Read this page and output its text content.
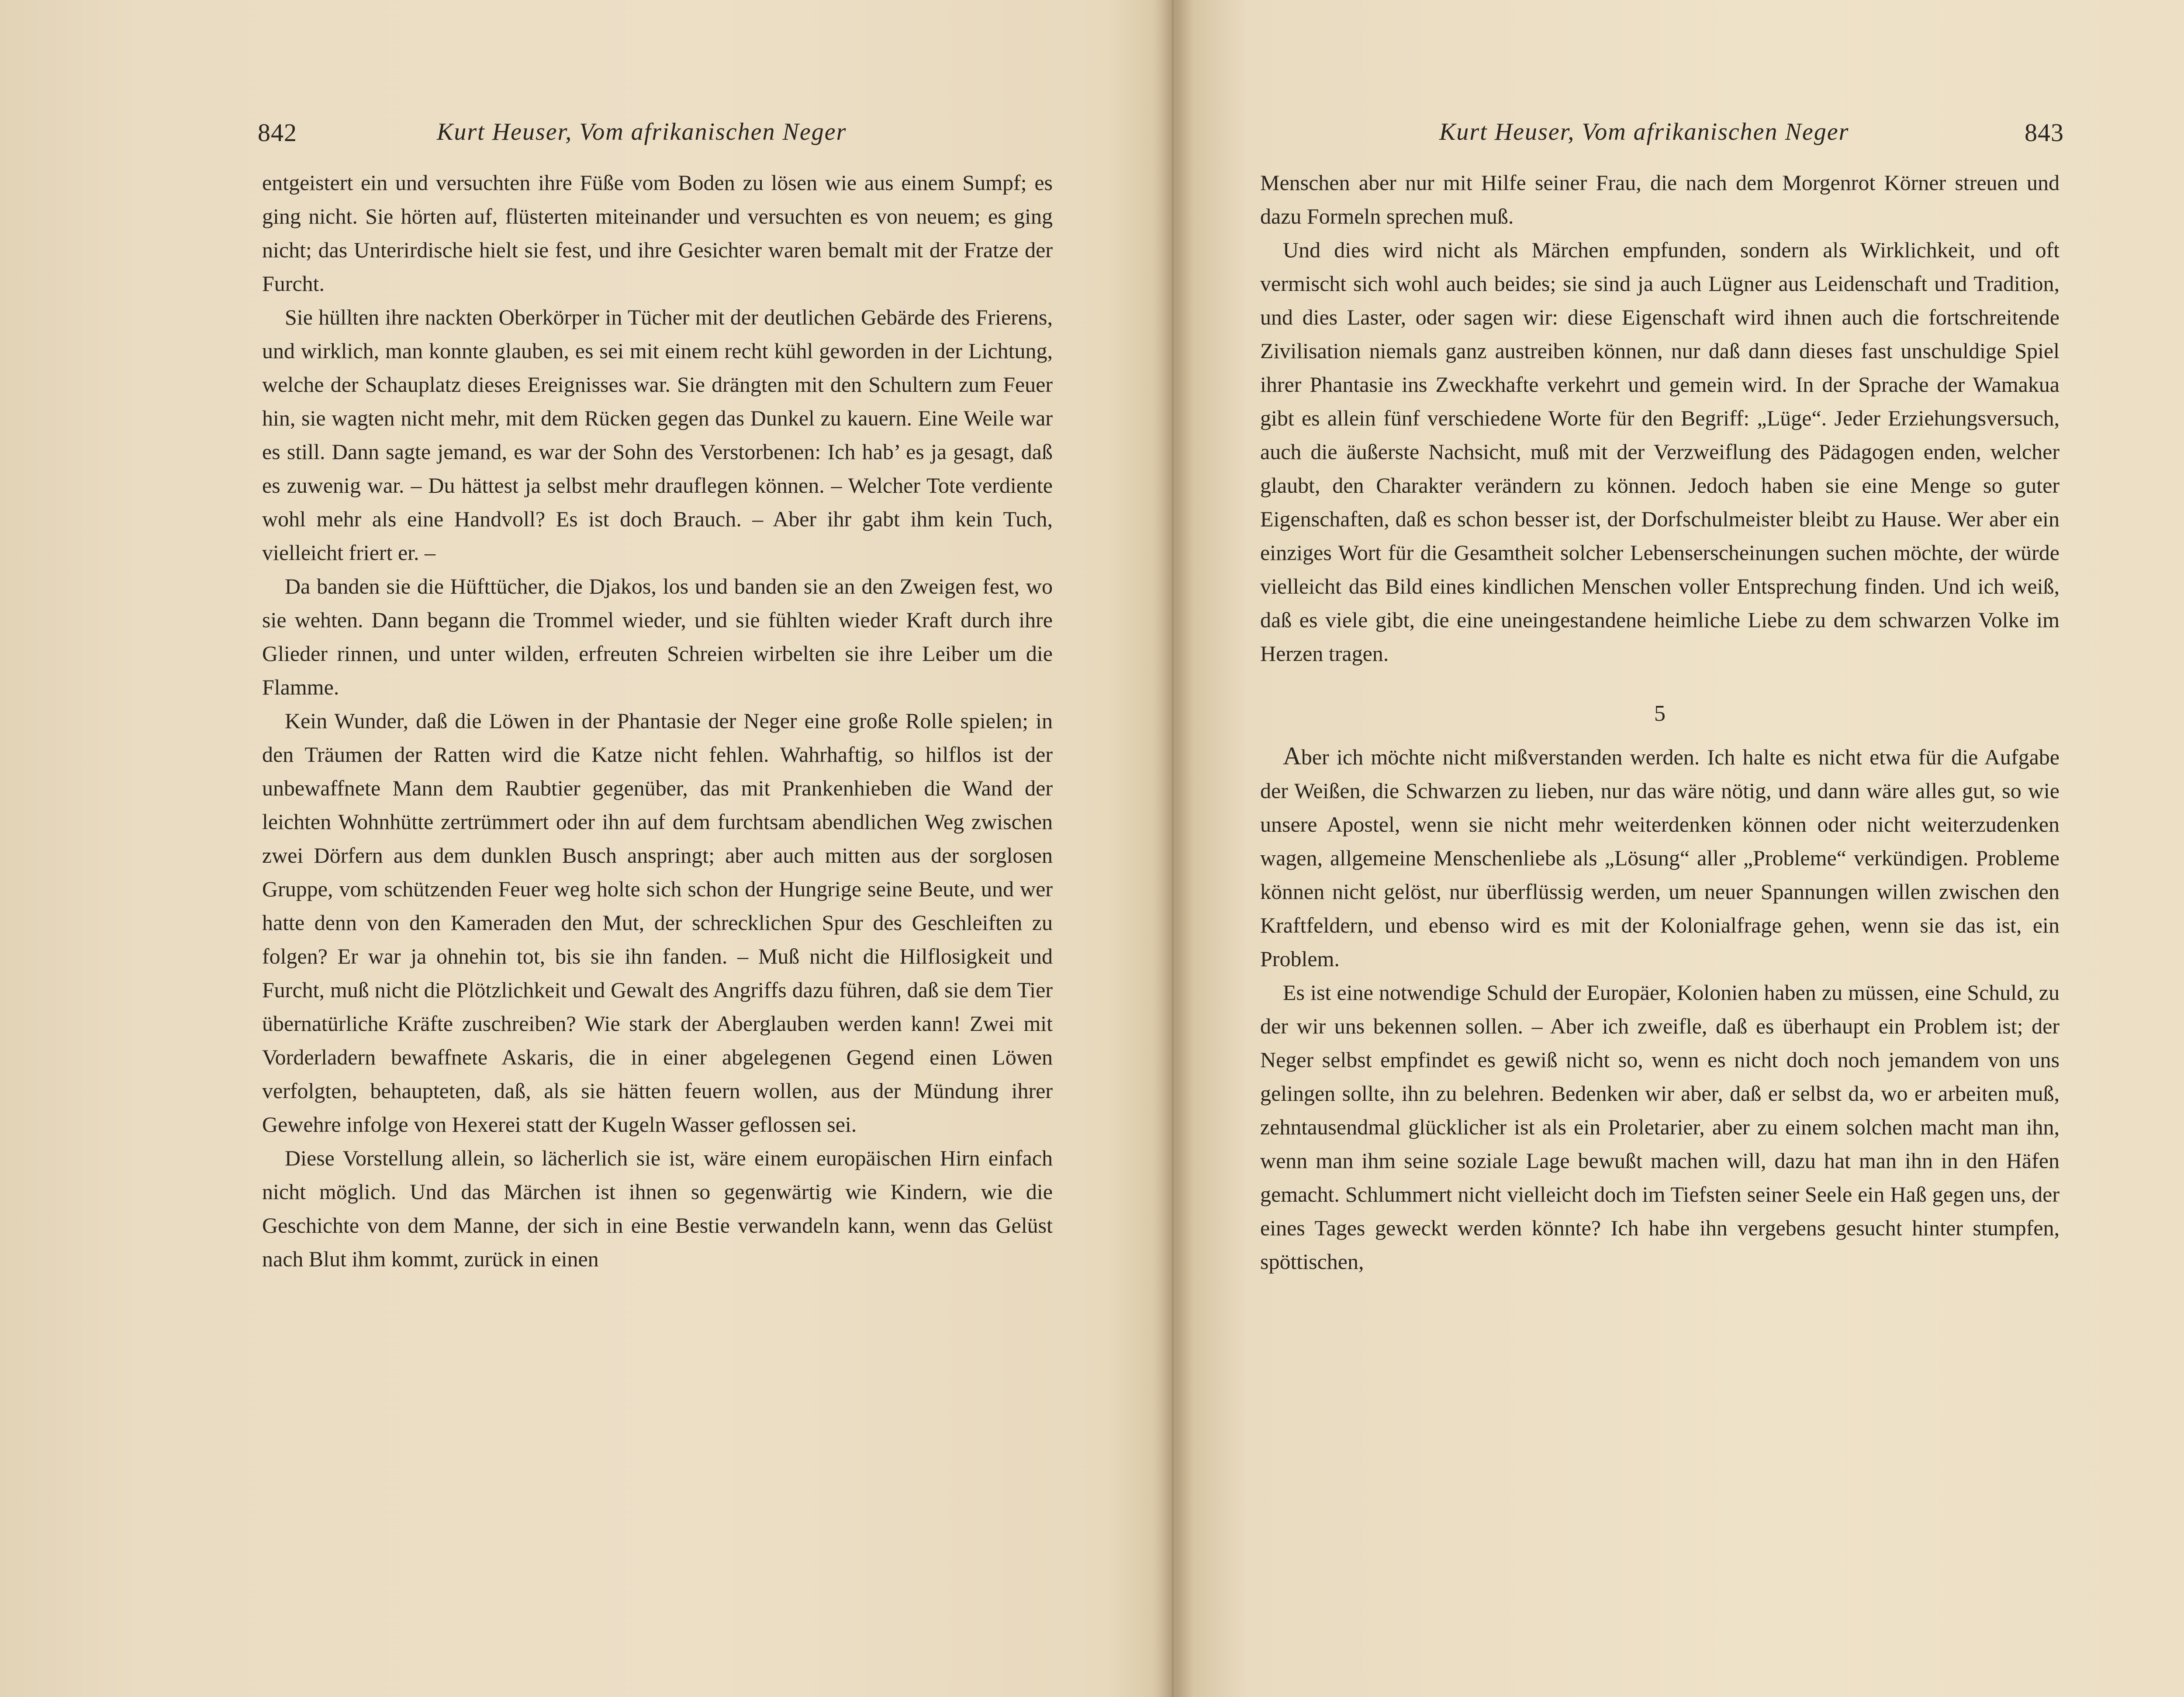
842	Kurt Heuser, Vom afrikanischen Neger

entgeistert ein und versuchten ihre Füße vom Boden zu lösen wie aus einem Sumpf; es ging nicht. Sie hörten auf, flüsterten miteinander und versuchten es von neuem; es ging nicht; das Unterirdische hielt sie fest, und ihre Gesichter waren bemalt mit der Fratze der Furcht.

Sie hüllten ihre nackten Oberkörper in Tücher mit der deutlichen Gebärde des Frierens, und wirklich, man konnte glauben, es sei mit einem recht kühl geworden in der Lichtung, welche der Schauplatz dieses Ereignisses war. Sie drängten mit den Schultern zum Feuer hin, sie wagten nicht mehr, mit dem Rücken gegen das Dunkel zu kauern. Eine Weile war es still. Dann sagte jemand, es war der Sohn des Verstorbenen: Ich hab’ es ja gesagt, daß es zuwenig war. – Du hättest ja selbst mehr drauflegen können. – Welcher Tote verdiente wohl mehr als eine Handvoll? Es ist doch Brauch. – Aber ihr gabt ihm kein Tuch, vielleicht friert er. –

Da banden sie die Hüfttücher, die Djakos, los und banden sie an den Zweigen fest, wo sie wehten. Dann begann die Trommel wieder, und sie fühlten wieder Kraft durch ihre Glieder rinnen, und unter wilden, erfreuten Schreien wirbelten sie ihre Leiber um die Flamme.

Kein Wunder, daß die Löwen in der Phantasie der Neger eine große Rolle spielen; in den Träumen der Ratten wird die Katze nicht fehlen. Wahrhaftig, so hilflos ist der unbewaffnete Mann dem Raubtier gegenüber, das mit Prankenhieben die Wand der leichten Wohnhütte zertrümmert oder ihn auf dem furchtsam abendlichen Weg zwischen zwei Dörfern aus dem dunklen Busch anspringt; aber auch mitten aus der sorglosen Gruppe, vom schützenden Feuer weg holte sich schon der Hungrige seine Beute, und wer hatte denn von den Kameraden den Mut, der schrecklichen Spur des Geschleiften zu folgen? Er war ja ohnehin tot, bis sie ihn fanden. – Muß nicht die Hilflosigkeit und Furcht, muß nicht die Plötzlichkeit und Gewalt des Angriffs dazu führen, daß sie dem Tier übernatürliche Kräfte zuschreiben? Wie stark der Aberglauben werden kann! Zwei mit Vorderladern bewaffnete Askaris, die in einer abgelegenen Gegend einen Löwen verfolgten, behaupteten, daß, als sie hätten feuern wollen, aus der Mündung ihrer Gewehre infolge von Hexerei statt der Kugeln Wasser geflossen sei.

Diese Vorstellung allein, so lächerlich sie ist, wäre einem europäischen Hirn einfach nicht möglich. Und das Märchen ist ihnen so gegenwärtig wie Kindern, wie die Geschichte von dem Manne, der sich in eine Bestie verwandeln kann, wenn das Gelüst nach Blut ihm kommt, zurück in einen

Kurt Heuser, Vom afrikanischen Neger	843

Menschen aber nur mit Hilfe seiner Frau, die nach dem Morgenrot Körner streuen und dazu Formeln sprechen muß.

Und dies wird nicht als Märchen empfunden, sondern als Wirklichkeit, und oft vermischt sich wohl auch beides; sie sind ja auch Lügner aus Leidenschaft und Tradition, und dies Laster, oder sagen wir: diese Eigenschaft wird ihnen auch die fortschreitende Zivilisation niemals ganz austreiben können, nur daß dann dieses fast unschuldige Spiel ihrer Phantasie ins Zweckhafte verkehrt und gemein wird. In der Sprache der Wamakua gibt es allein fünf verschiedene Worte für den Begriff: „Lüge“. Jeder Erziehungsversuch, auch die äußerste Nachsicht, muß mit der Verzweiflung des Pädagogen enden, welcher glaubt, den Charakter verändern zu können. Jedoch haben sie eine Menge so guter Eigenschaften, daß es schon besser ist, der Dorfschulmeister bleibt zu Hause. Wer aber ein einziges Wort für die Gesamtheit solcher Lebenserscheinungen suchen möchte, der würde vielleicht das Bild eines kindlichen Menschen voller Entsprechung finden. Und ich weiß, daß es viele gibt, die eine uneingestandene heimliche Liebe zu dem schwarzen Volke im Herzen tragen.

5

Aber ich möchte nicht mißverstanden werden. Ich halte es nicht etwa für die Aufgabe der Weißen, die Schwarzen zu lieben, nur das wäre nötig, und dann wäre alles gut, so wie unsere Apostel, wenn sie nicht mehr weiterdenken können oder nicht weiterzudenken wagen, allgemeine Menschenliebe als „Lösung“ aller „Probleme“ verkündigen. Probleme können nicht gelöst, nur überflüssig werden, um neuer Spannungen willen zwischen den Kraftfeldern, und ebenso wird es mit der Kolonialfrage gehen, wenn sie das ist, ein Problem.

Es ist eine notwendige Schuld der Europäer, Kolonien haben zu müssen, eine Schuld, zu der wir uns bekennen sollen. – Aber ich zweifle, daß es überhaupt ein Problem ist; der Neger selbst empfindet es gewiß nicht so, wenn es nicht doch noch jemandem von uns gelingen sollte, ihn zu belehren. Bedenken wir aber, daß er selbst da, wo er arbeiten muß, zehntausendmal glücklicher ist als ein Proletarier, aber zu einem solchen macht man ihn, wenn man ihm seine soziale Lage bewußt machen will, dazu hat man ihn in den Häfen gemacht. Schlummert nicht vielleicht doch im Tiefsten seiner Seele ein Haß gegen uns, der eines Tages geweckt werden könnte? Ich habe ihn vergebens gesucht hinter stumpfen, spöttischen,
